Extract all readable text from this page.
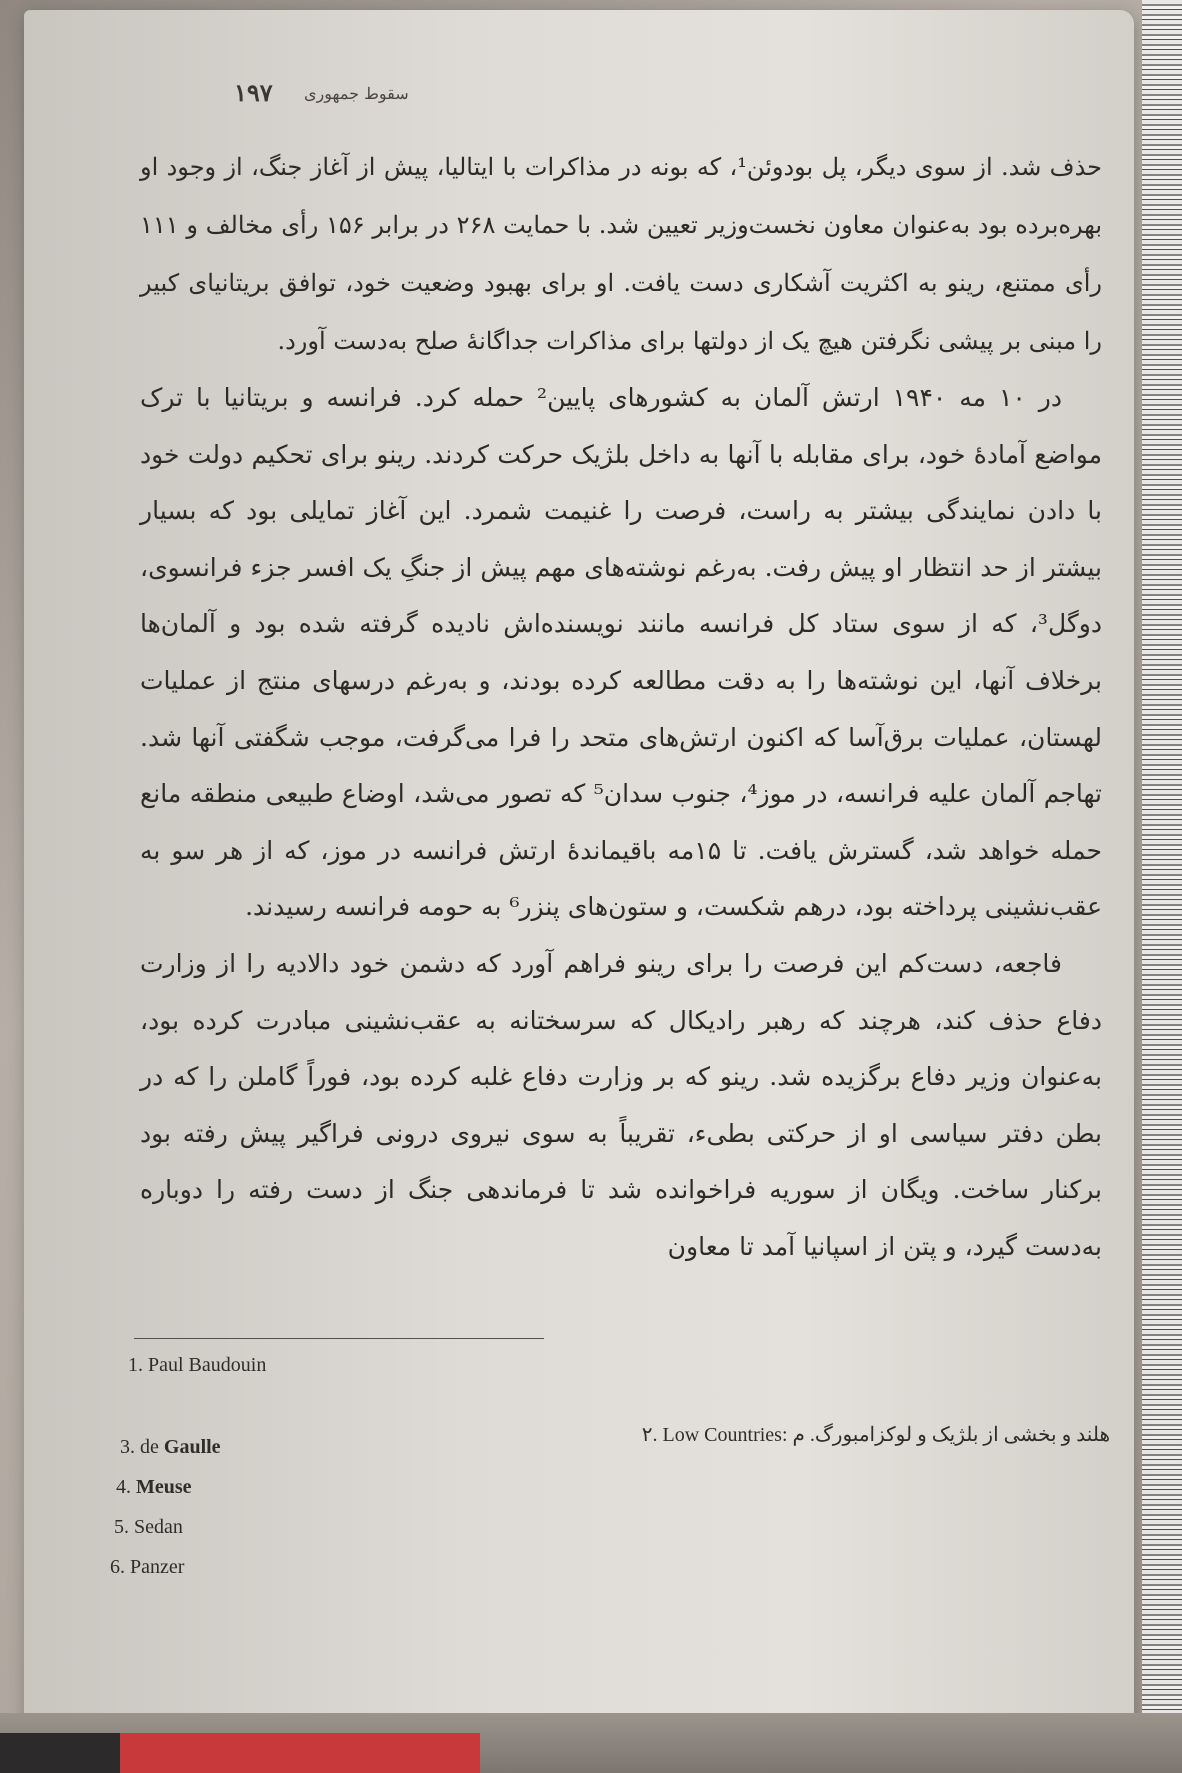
۱۹۷ سقوط جمهوری

حذف شد. از سوی دیگر، پل بودوئن¹، که بونه در مذاکرات با ایتالیا، پیش از آغاز جنگ، از وجود او بهره‌برده بود به‌عنوان معاون نخست‌وزیر تعیین شد. با حمایت ۲۶۸ در برابر ۱۵۶ رأی مخالف و ۱۱۱ رأی ممتنع، رینو به اکثریت آشکاری دست یافت. او برای بهبود وضعیت خود، توافق بریتانیای کبیر را مبنی بر پیشی نگرفتن هیچ یک از دولتها برای مذاکرات جداگانهٔ صلح به‌دست آورد.

در ۱۰ مه ۱۹۴۰ ارتش آلمان به کشورهای پایین² حمله کرد. فرانسه و بریتانیا با ترک مواضع آمادهٔ خود، برای مقابله با آنها به داخل بلژیک حرکت کردند. رینو برای تحکیم دولت خود با دادن نمایندگی بیشتر به راست، فرصت را غنیمت شمرد. این آغاز تمایلی بود که بسیار بیشتر از حد انتظار او پیش رفت. به‌رغم نوشته‌های مهم پیش از جنگِ یک افسر جزء فرانسوی، دوگل³، که از سوی ستاد کل فرانسه مانند نویسنده‌اش نادیده گرفته شده بود و آلمان‌ها برخلاف آنها، این نوشته‌ها را به دقت مطالعه کرده بودند، و به‌رغم درسهای منتج از عملیات لهستان، عملیات برق‌آسا که اکنون ارتش‌های متحد را فرا می‌گرفت، موجب شگفتی آنها شد. تهاجم آلمان علیه فرانسه، در موز⁴، جنوب سدان⁵ که تصور می‌شد، اوضاع طبیعی منطقه مانع حمله خواهد شد، گسترش یافت. تا ۱۵مه باقیماندهٔ ارتش فرانسه در موز، که از هر سو به عقب‌نشینی پرداخته بود، درهم شکست، و ستون‌های پنزر⁶ به حومه فرانسه رسیدند.

فاجعه، دست‌کم این فرصت را برای رینو فراهم آورد که دشمن خود دالادیه را از وزارت دفاع حذف کند، هرچند که رهبر رادیکال که سرسختانه به عقب‌نشینی مبادرت کرده بود، به‌عنوان وزیر دفاع برگزیده شد. رینو که بر وزارت دفاع غلبه کرده بود، فوراً گاملن را که در بطن دفتر سیاسی او از حرکتی بطیء، تقریباً به سوی نیروی درونی فراگیر پیش رفته بود برکنار ساخت. ویگان از سوریه فراخوانده شد تا فرماندهی جنگ از دست رفته را دوباره به‌دست گیرد، و پتن از اسپانیا آمد تا معاون

1. Paul Baudouin
۲. Low Countries: هلند و بخشی از بلژیک و لوکزامبورگ. م
3. de Gaulle
4. Meuse
5. Sedan
6. Panzer
